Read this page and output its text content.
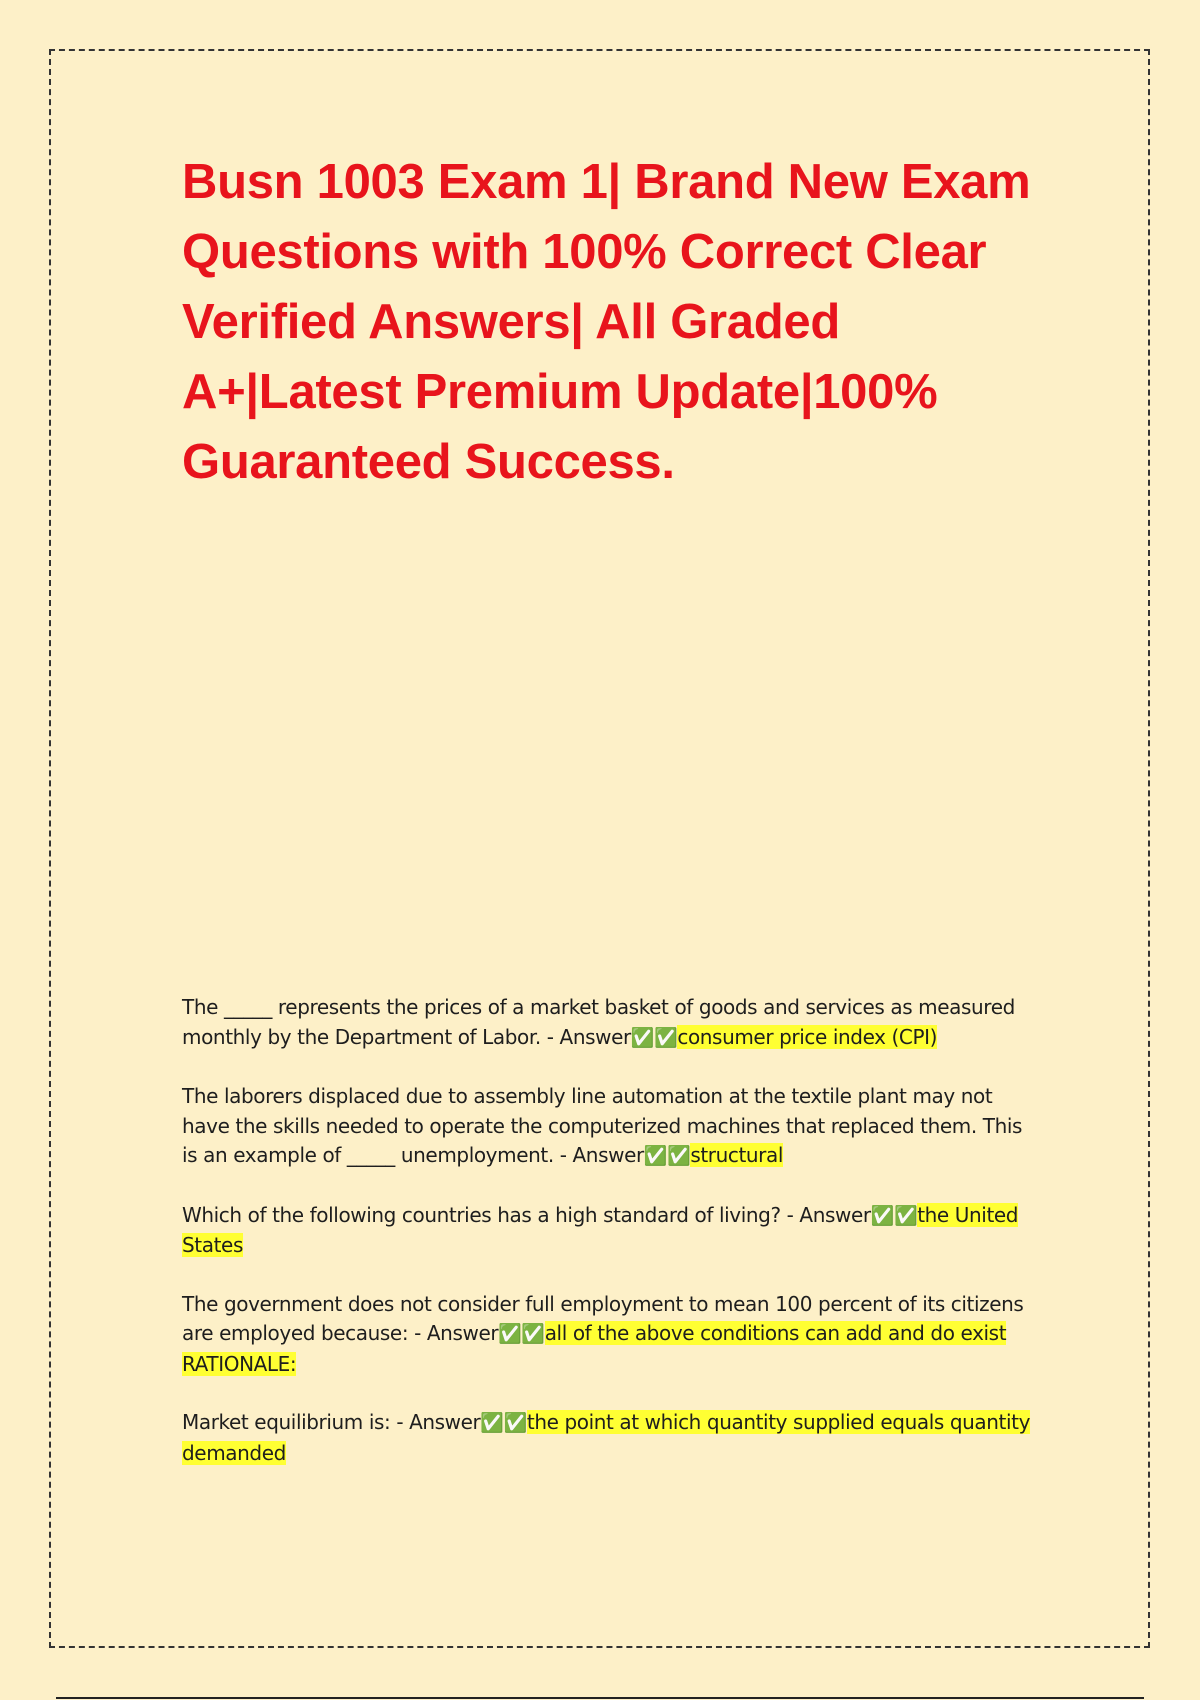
Busn 1003 Exam 1| Brand New Exam Questions with 100% Correct Clear Verified Answers| All Graded A+|Latest Premium Update|100% Guaranteed Success.

The _____ represents the prices of a market basket of goods and services as measured monthly by the Department of Labor. - Answer✅✅consumer price index (CPI)

The laborers displaced due to assembly line automation at the textile plant may not have the skills needed to operate the computerized machines that replaced them. This is an example of _____ unemployment. - Answer✅✅structural

Which of the following countries has a high standard of living? - Answer✅✅the United States

The government does not consider full employment to mean 100 percent of its citizens are employed because: - Answer✅✅all of the above conditions can add and do exist
RATIONALE:

Market equilibrium is: - Answer✅✅the point at which quantity supplied equals quantity demanded
